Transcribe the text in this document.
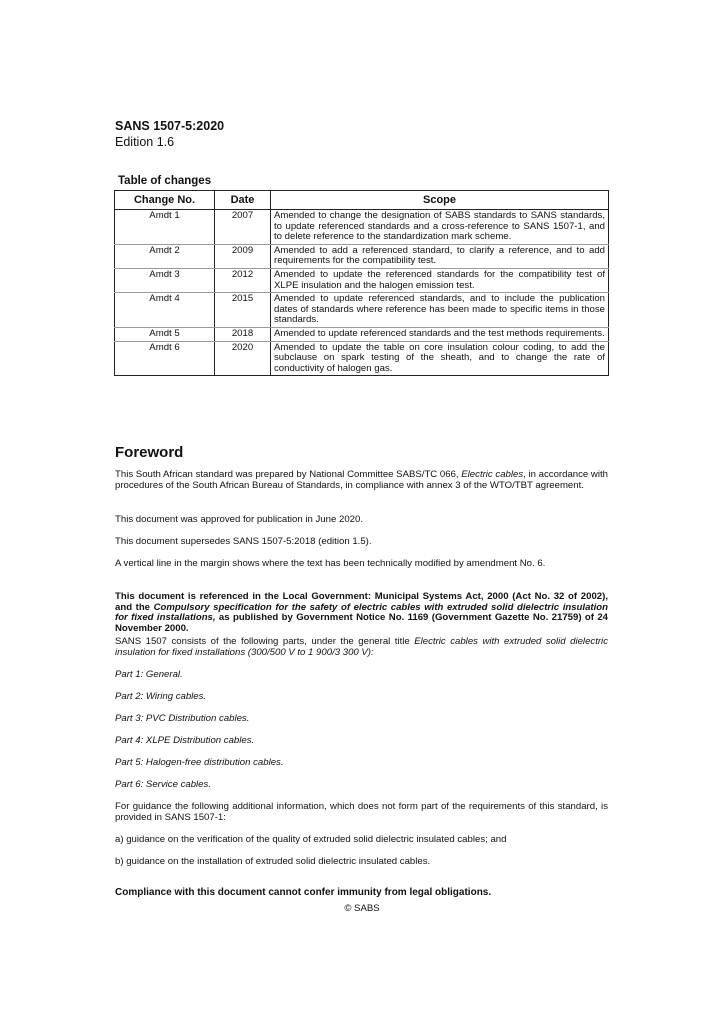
SANS 1507-5:2020
Edition 1.6
Table of changes
Change No.	Date	Scope
Amdt 1	2007	Amended to change the designation of SABS standards to SANS standards, to update referenced standards and a cross-reference to SANS 1507-1, and to delete reference to the standardization mark scheme.
Amdt 2	2009	Amended to add a referenced standard, to clarify a reference, and to add requirements for the compatibility test.
Amdt 3	2012	Amended to update the referenced standards for the compatibility test of XLPE insulation and the halogen emission test.
Amdt 4	2015	Amended to update referenced standards, and to include the publication dates of standards where reference has been made to specific items in those standards.
Amdt 5	2018	Amended to update referenced standards and the test methods requirements.
Amdt 6	2020	Amended to update the table on core insulation colour coding, to add the subclause on spark testing of the sheath, and to change the rate of conductivity of halogen gas.
Foreword

This South African standard was prepared by National Committee SABS/TC 066, Electric cables, in accordance with procedures of the South African Bureau of Standards, in compliance with annex 3 of the WTO/TBT agreement.

This document was approved for publication in June 2020.

This document supersedes SANS 1507-5:2018 (edition 1.5).

A vertical line in the margin shows where the text has been technically modified by amendment No. 6.

This document is referenced in the Local Government: Municipal Systems Act, 2000 (Act No. 32 of 2002), and the Compulsory specification for the safety of electric cables with extruded solid dielectric insulation for fixed installations, as published by Government Notice No. 1169 (Government Gazette No. 21759) of 24 November 2000.

SANS 1507 consists of the following parts, under the general title Electric cables with extruded solid dielectric insulation for fixed installations (300/500 V to 1 900/3 300 V):

Part 1: General.
Part 2: Wiring cables.
Part 3: PVC Distribution cables.
Part 4: XLPE Distribution cables.
Part 5: Halogen-free distribution cables.
Part 6: Service cables.

For guidance the following additional information, which does not form part of the requirements of this standard, is provided in SANS 1507-1:

a) guidance on the verification of the quality of extruded solid dielectric insulated cables; and
b) guidance on the installation of extruded solid dielectric insulated cables.
Compliance with this document cannot confer immunity from legal obligations.
© SABS
